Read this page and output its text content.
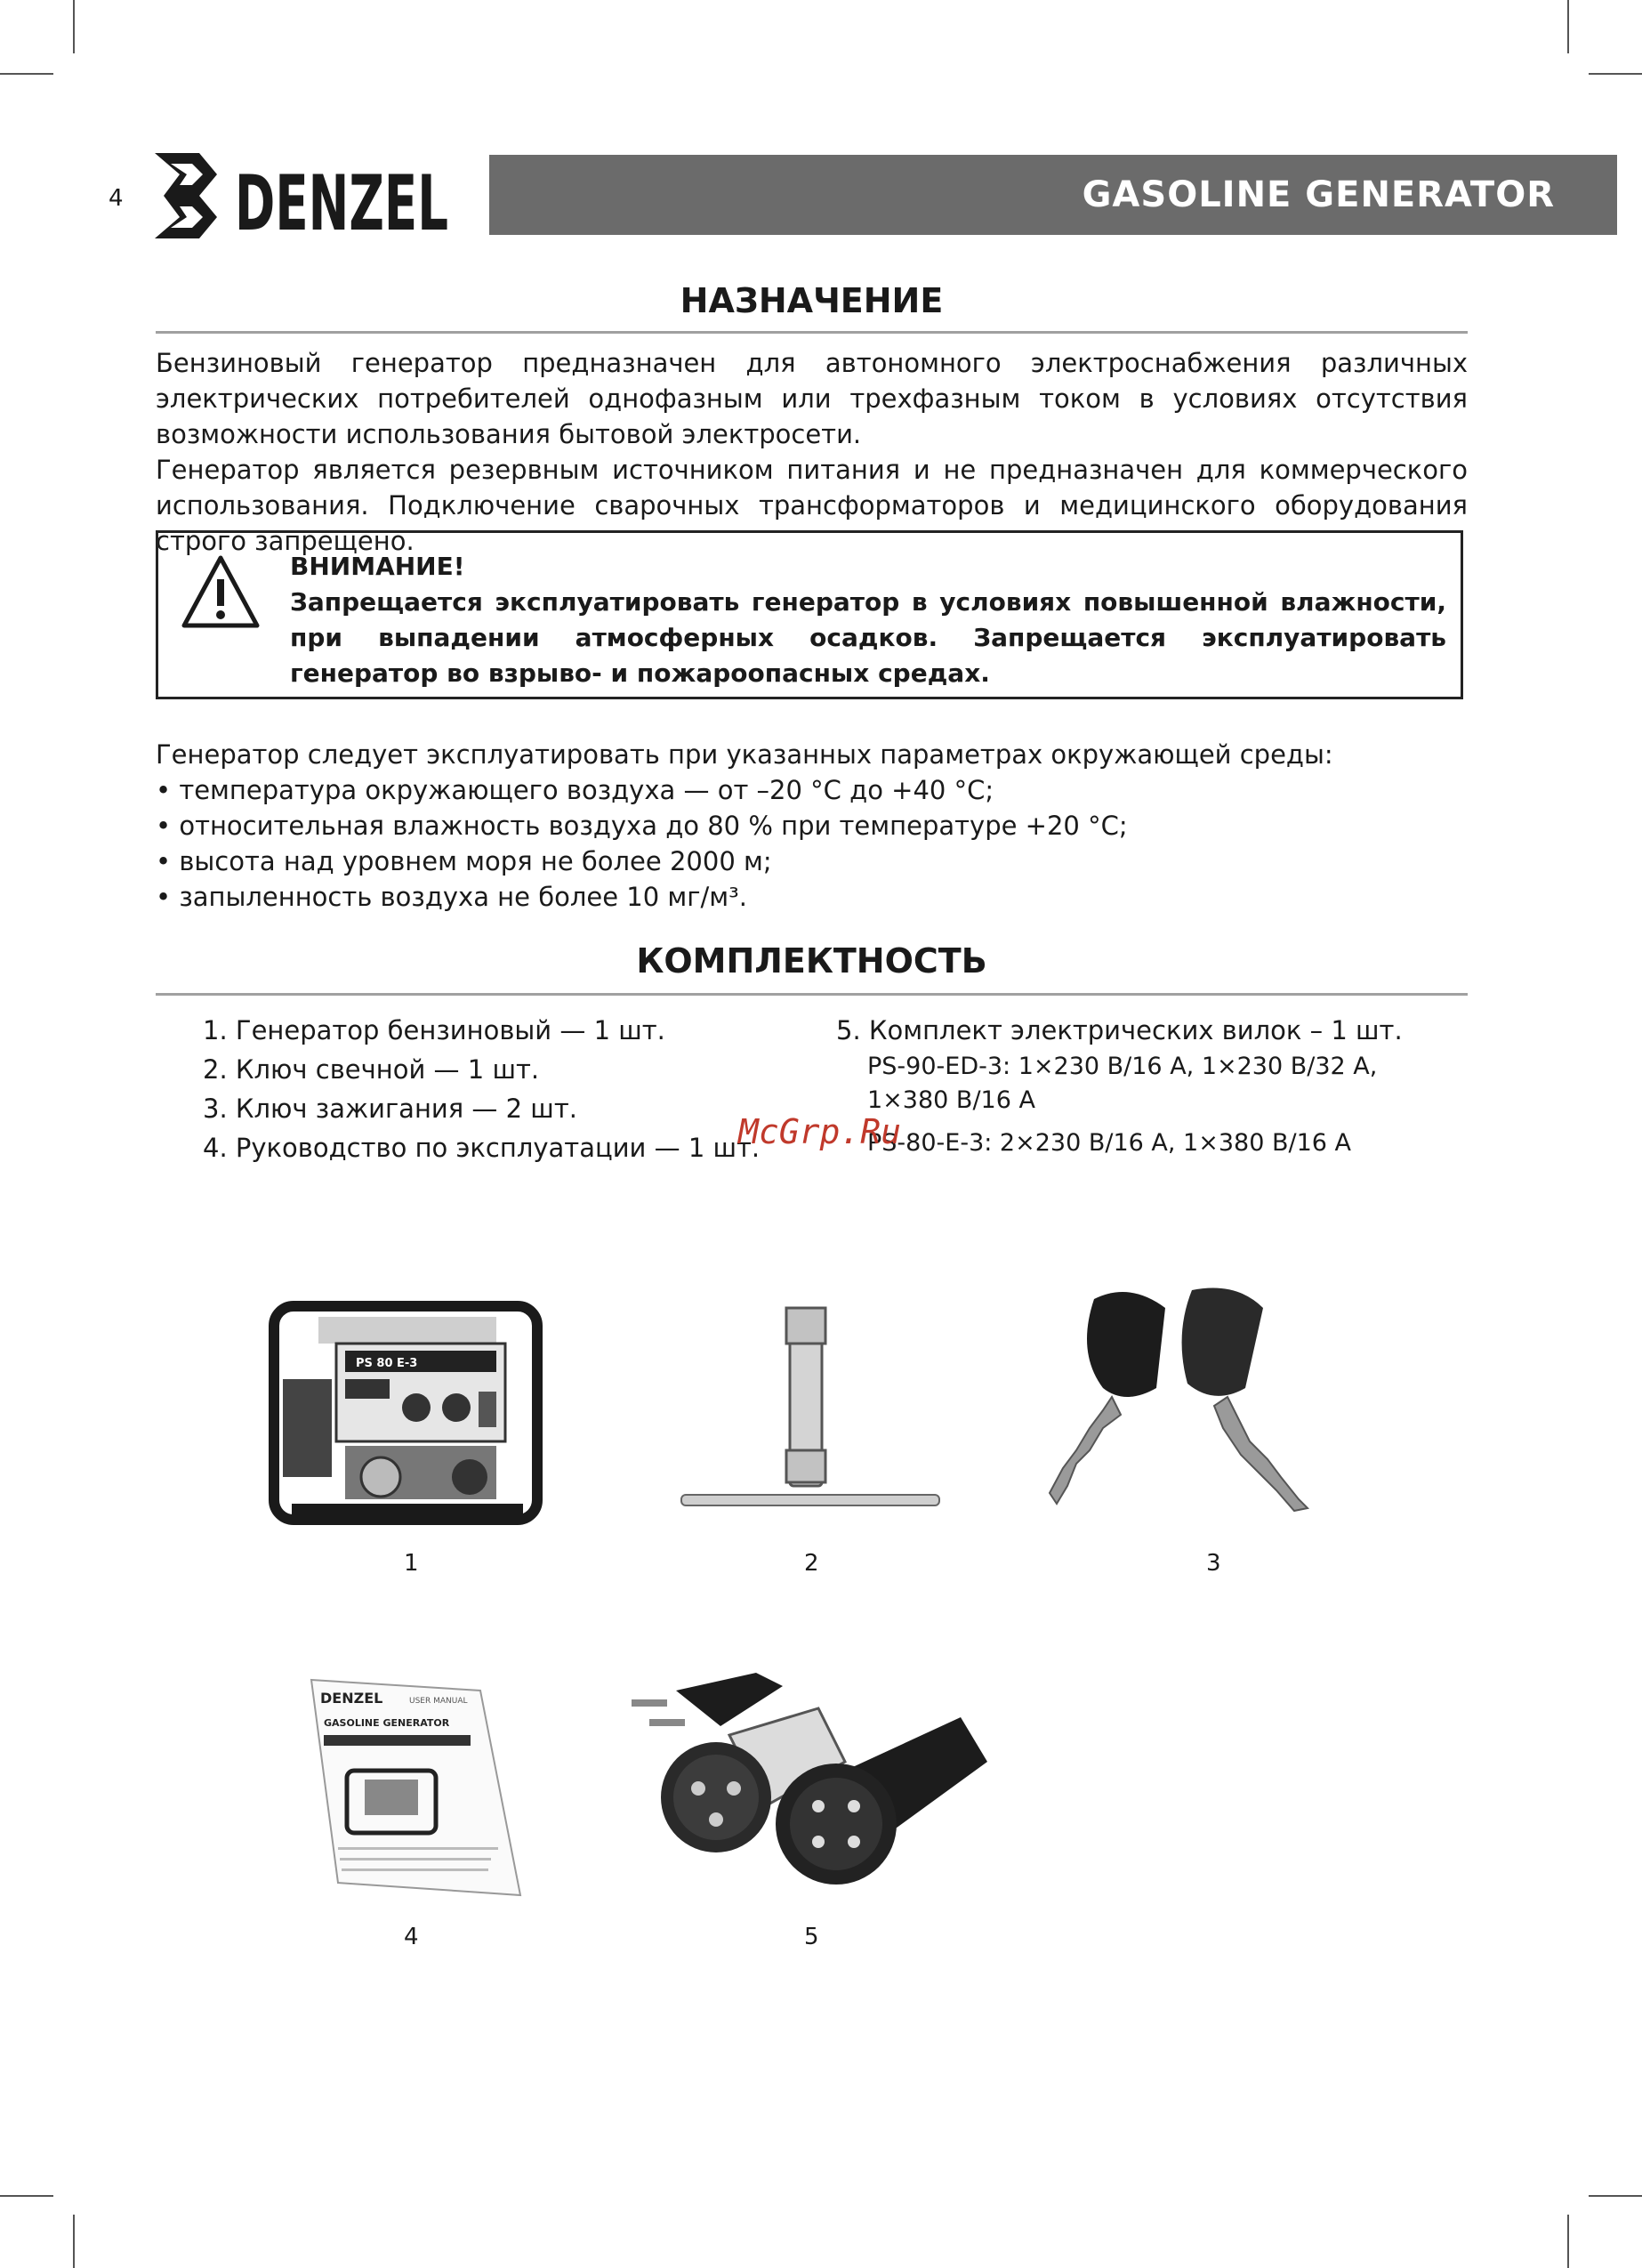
4 DENZEL	GASOLINE GENERATOR
НАЗНАЧЕНИЕ

Бензиновый генератор предназначен для автономного электроснабжения различных электрических потребителей однофазным или трехфазным током в условиях отсутствия возможности использования бытовой электросети.

Генератор является резервным источником питания и не предназначен для коммерческого использования. Подключение сварочных трансформаторов и медицинского оборудования строго запрещено.

ВНИМАНИЕ!

Запрещается эксплуатировать генератор в условиях повышенной влажности, при выпадении атмосферных осадков. Запрещается эксплуатировать генератор во взрыво- и пожароопасных средах.

Генератор следует эксплуатировать при указанных параметрах окружающей среды:
• температура окружающего воздуха — от –20 °C до +40 °C;
• относительная влажность воздуха до 80 % при температуре +20 °C;
• высота над уровнем моря не более 2000 м;
• запыленность воздуха не более 10 мг/м³.
КОМПЛЕКТНОСТЬ
1. Генератор бензиновый — 1 шт.
2. Ключ свечной — 1 шт.
3. Ключ зажигания — 2 шт.
4. Руководство по эксплуатации — 1 шт.
5. Комплект электрических вилок – 1 шт.
PS-90-ED-3: 1×230 В/16 А, 1×230 В/32 А,
1×380 В/16 А
PS-80-E-3: 2×230 В/16 А, 1×380 В/16 А
McGrp.Ru
PS 80 E-3
1	2	3
DENZEL	USER MANUAL
GASOLINE GENERATOR
4	5
